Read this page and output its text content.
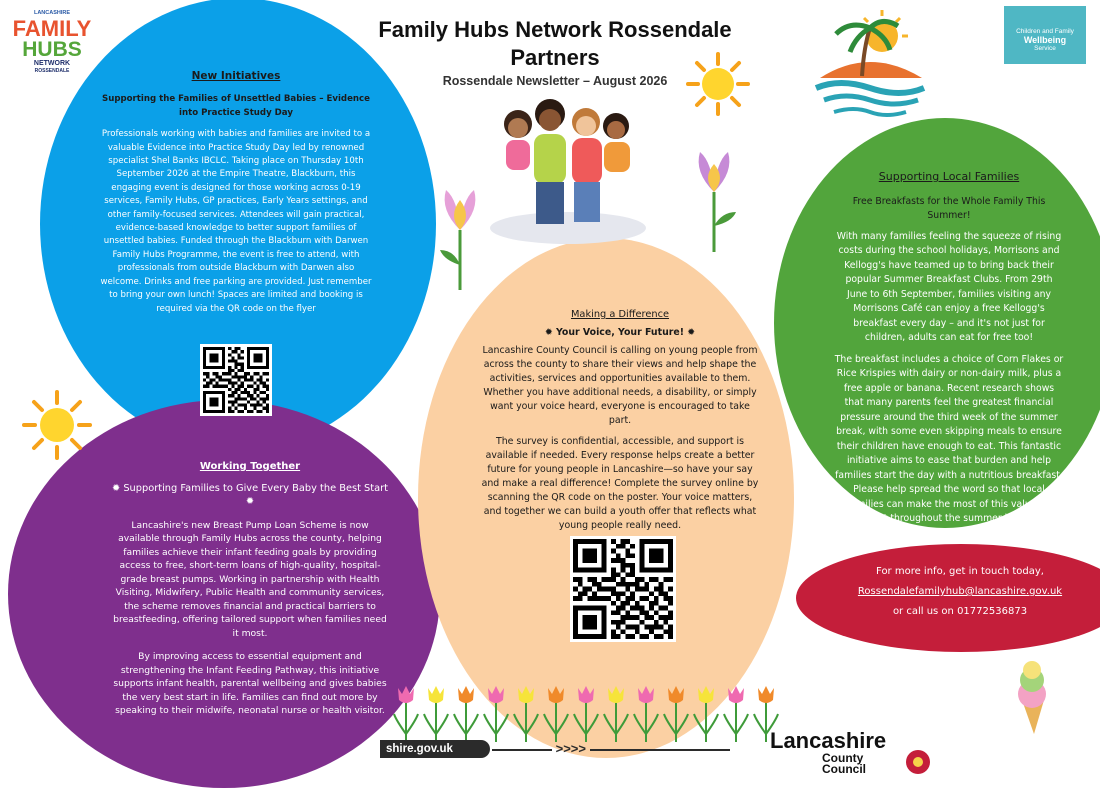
LANCASHIRE
FAMILY
HUBS
NETWORK
ROSSENDALE
Family Hubs Network Rossendale
Partners
Rossendale Newsletter – August 2026
Children and Family
Wellbeing
Service
New Initiatives
Supporting the Families of Unsettled Babies – Evidence into Practice Study Day
Professionals working with babies and families are invited to a valuable Evidence into Practice Study Day led by renowned specialist Shel Banks IBCLC. Taking place on Thursday 10th September 2026 at the Empire Theatre, Blackburn, this engaging event is designed for those working across 0-19 services, Family Hubs, GP practices, Early Years settings, and other family-focused services. Attendees will gain practical, evidence-based knowledge to better support families of unsettled babies. Funded through the Blackburn with Darwen Family Hubs Programme, the event is free to attend, with professionals from outside Blackburn with Darwen also welcome. Drinks and free parking are provided. Just remember to bring your own lunch! Spaces are limited and booking is required via the QR code on the flyer
Working Together
✹ Supporting Families to Give Every Baby the Best Start ✹

Lancashire's new Breast Pump Loan Scheme is now available through Family Hubs across the county, helping families achieve their infant feeding goals by providing access to free, short-term loans of high-quality, hospital-grade breast pumps. Working in partnership with Health Visiting, Midwifery, Public Health and community services, the scheme removes financial and practical barriers to breastfeeding, offering tailored support when families need it most.

By improving access to essential equipment and strengthening the Infant Feeding Pathway, this initiative supports infant health, parental wellbeing and gives babies the very best start in life. Families can find out more by speaking to their midwife, neonatal nurse or health visitor.

Making a Difference
✹ Your Voice, Your Future! ✹

Lancashire County Council is calling on young people from across the county to share their views and help shape the activities, services and opportunities available to them. Whether you have additional needs, a disability, or simply want your voice heard, everyone is encouraged to take part.

The survey is confidential, accessible, and support is available if needed. Every response helps create a better future for young people in Lancashire—so have your say and make a real difference! Complete the survey online by scanning the QR code on the poster. Your voice matters, and together we can build a youth offer that reflects what young people really need.

Supporting Local Families
Free Breakfasts for the Whole Family This Summer!

With many families feeling the squeeze of rising costs during the school holidays, Morrisons and Kellogg's have teamed up to bring back their popular Summer Breakfast Clubs. From 29th June to 6th September, families visiting any Morrisons Café can enjoy a free Kellogg's breakfast every day – and it's not just for children, adults can eat for free too!

The breakfast includes a choice of Corn Flakes or Rice Krispies with dairy or non-dairy milk, plus a free apple or banana. Recent research shows that many parents feel the greatest financial pressure around the third week of the summer break, with some even skipping meals to ensure their children have enough to eat. This fantastic initiative aims to ease that burden and help families start the day with a nutritious breakfast. Please help spread the word so that local families can make the most of this valuable support throughout the summer holidays.

For more info, get in touch today,
Rossendalefamilyhub@lancashire.gov.uk
or call us on 01772536873
shire.gov.uk	>>>>	Lancashire
County
Council
